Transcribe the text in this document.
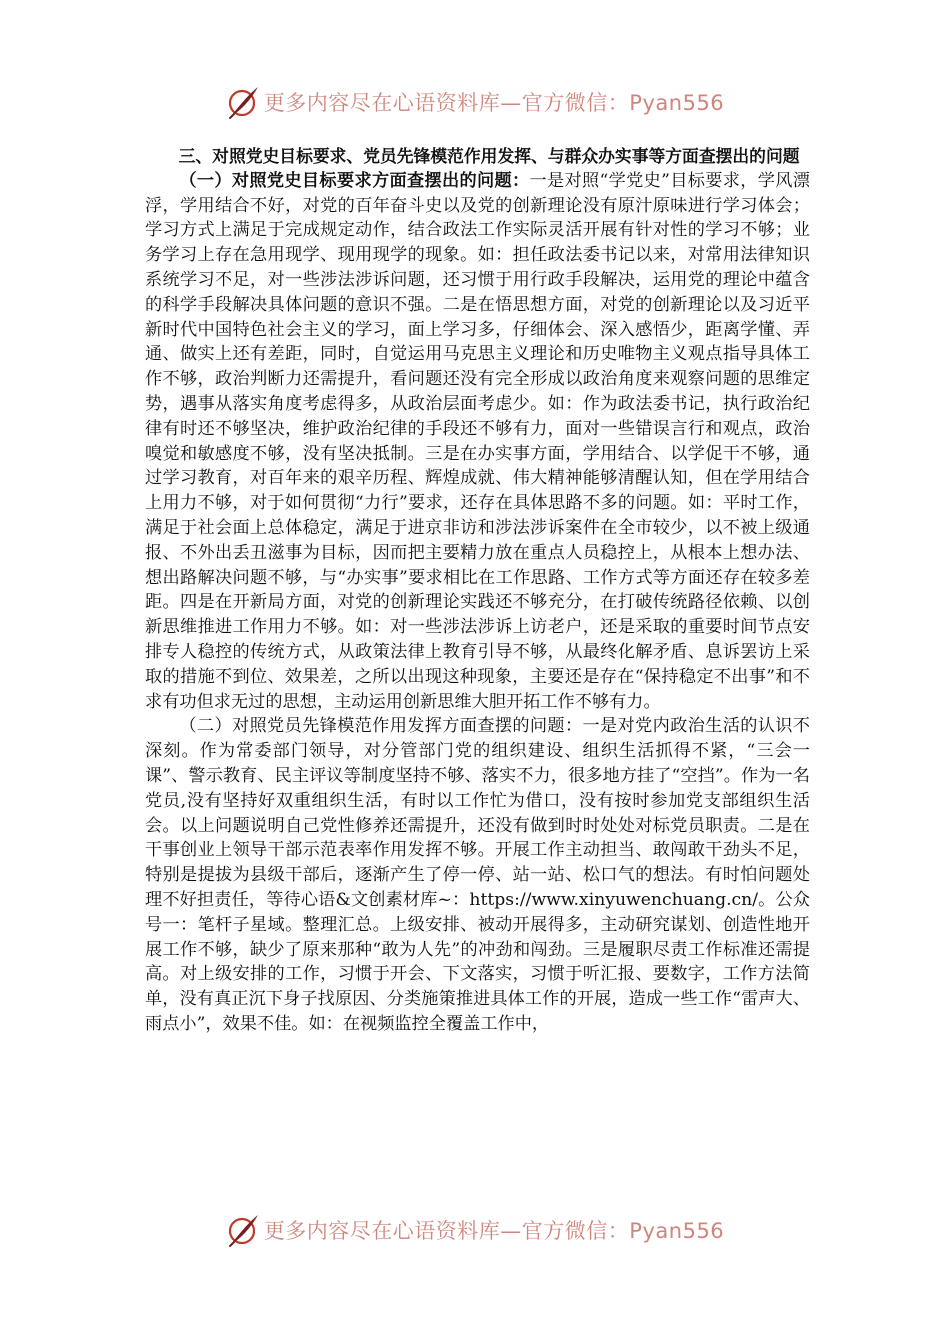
更多内容尽在心语资料库—官方微信：Pyan556

三、对照党史目标要求、党员先锋模范作用发挥、与群众办实事等方面查摆出的问题

（一）对照党史目标要求方面查摆出的问题：一是对照“学党史”目标要求，学风漂浮，学用结合不好，对党的百年奋斗史以及党的创新理论没有原汁原味进行学习体会；学习方式上满足于完成规定动作，结合政法工作实际灵活开展有针对性的学习不够；业务学习上存在急用现学、现用现学的现象。如：担任政法委书记以来，对常用法律知识系统学习不足，对一些涉法涉诉问题，还习惯于用行政手段解决，运用党的理论中蕴含的科学手段解决具体问题的意识不强。二是在悟思想方面，对党的创新理论以及习近平新时代中国特色社会主义的学习，面上学习多，仔细体会、深入感悟少，距离学懂、弄通、做实上还有差距，同时，自觉运用马克思主义理论和历史唯物主义观点指导具体工作不够，政治判断力还需提升，看问题还没有完全形成以政治角度来观察问题的思维定势，遇事从落实角度考虑得多，从政治层面考虑少。如：作为政法委书记，执行政治纪律有时还不够坚决，维护政治纪律的手段还不够有力，面对一些错误言行和观点，政治嗅觉和敏感度不够，没有坚决抵制。三是在办实事方面，学用结合、以学促干不够，通过学习教育，对百年来的艰辛历程、辉煌成就、伟大精神能够清醒认知，但在学用结合上用力不够，对于如何贯彻“力行”要求，还存在具体思路不多的问题。如：平时工作，满足于社会面上总体稳定，满足于进京非访和涉法涉诉案件在全市较少，以不被上级通报、不外出丢丑滋事为目标，因而把主要精力放在重点人员稳控上，从根本上想办法、想出路解决问题不够，与“办实事”要求相比在工作思路、工作方式等方面还存在较多差距。四是在开新局方面，对党的创新理论实践还不够充分，在打破传统路径依赖、以创新思维推进工作用力不够。如：对一些涉法涉诉上访老户，还是采取的重要时间节点安排专人稳控的传统方式，从政策法律上教育引导不够，从最终化解矛盾、息诉罢访上采取的措施不到位、效果差，之所以出现这种现象，主要还是存在“保持稳定不出事”和不求有功但求无过的思想，主动运用创新思维大胆开拓工作不够有力。

（二）对照党员先锋模范作用发挥方面查摆的问题：一是对党内政治生活的认识不深刻。作为常委部门领导，对分管部门党的组织建设、组织生活抓得不紧，“三会一课”、警示教育、民主评议等制度坚持不够、落实不力，很多地方挂了“空挡”。作为一名党员,没有坚持好双重组织生活，有时以工作忙为借口，没有按时参加党支部组织生活会。以上问题说明自己党性修养还需提升，还没有做到时时处处对标党员职责。二是在干事创业上领导干部示范表率作用发挥不够。开展工作主动担当、敢闯敢干劲头不足，特别是提拔为县级干部后，逐渐产生了停一停、站一站、松口气的想法。有时怕问题处理不好担责任，等待心语&文创素材库~：https://www.xinyuwenchuang.cn/。公众号一：笔杆子星域。整理汇总。上级安排、被动开展得多，主动研究谋划、创造性地开展工作不够，缺少了原来那种“敢为人先”的冲劲和闯劲。三是履职尽责工作标准还需提高。对上级安排的工作，习惯于开会、下文落实，习惯于听汇报、要数字，工作方法简单，没有真正沉下身子找原因、分类施策推进具体工作的开展，造成一些工作“雷声大、雨点小”，效果不佳。如：在视频监控全覆盖工作中，

更多内容尽在心语资料库—官方微信：Pyan556
